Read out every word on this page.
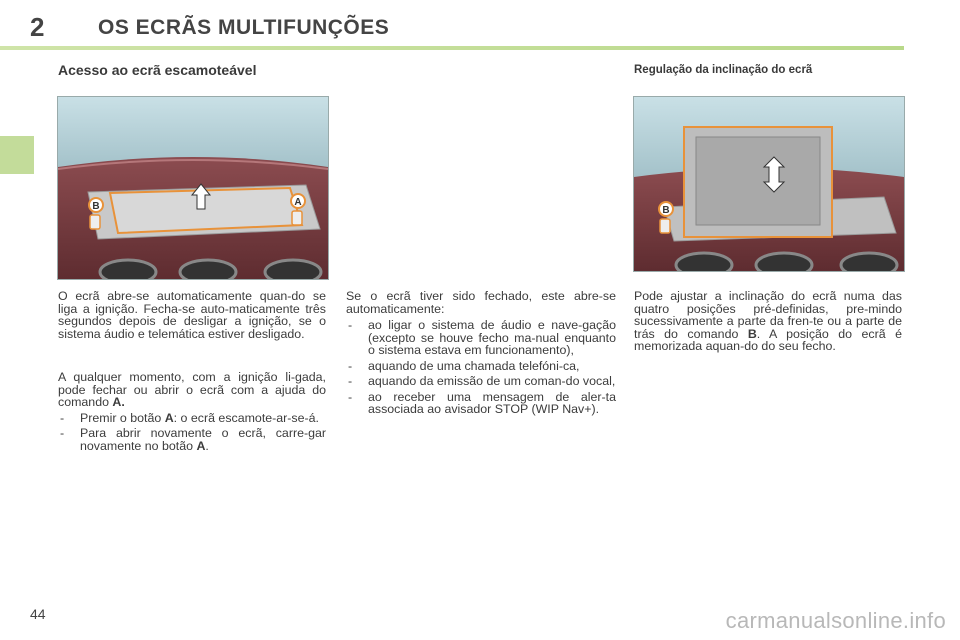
2	OS ECRÃS MULTIFUNÇÕES
Acesso ao ecrã escamoteável	Regulação da inclinação do ecrã
B	A
B

O ecrã abre-se automaticamente quan-do se liga a ignição. Fecha-se auto-maticamente três segundos depois de desligar a ignição, se o sistema áudio e telemática estiver desligado.

A qualquer momento, com a ignição li-gada, pode fechar ou abrir o ecrã com a ajuda do comando A.

- Premir o botão A: o ecrã escamote-ar-se-á.
- Para abrir novamente o ecrã, carre-gar novamente no botão A.

Se o ecrã tiver sido fechado, este abre-se automaticamente:

- ao ligar o sistema de áudio e nave-gação (excepto se houve fecho ma-nual enquanto o sistema estava em funcionamento),
- aquando de uma chamada telefóni-ca,
- aquando da emissão de um coman-do vocal,
- ao receber uma mensagem de aler-ta associada ao avisador STOP (WIP Nav+).

Pode ajustar a inclinação do ecrã numa das quatro posições pré-definidas, pre-mindo sucessivamente a parte da fren-te ou a parte de trás do comando B. A posição do ecrã é memorizada aquan-do do seu fecho.

44	carmanualsonline.info
